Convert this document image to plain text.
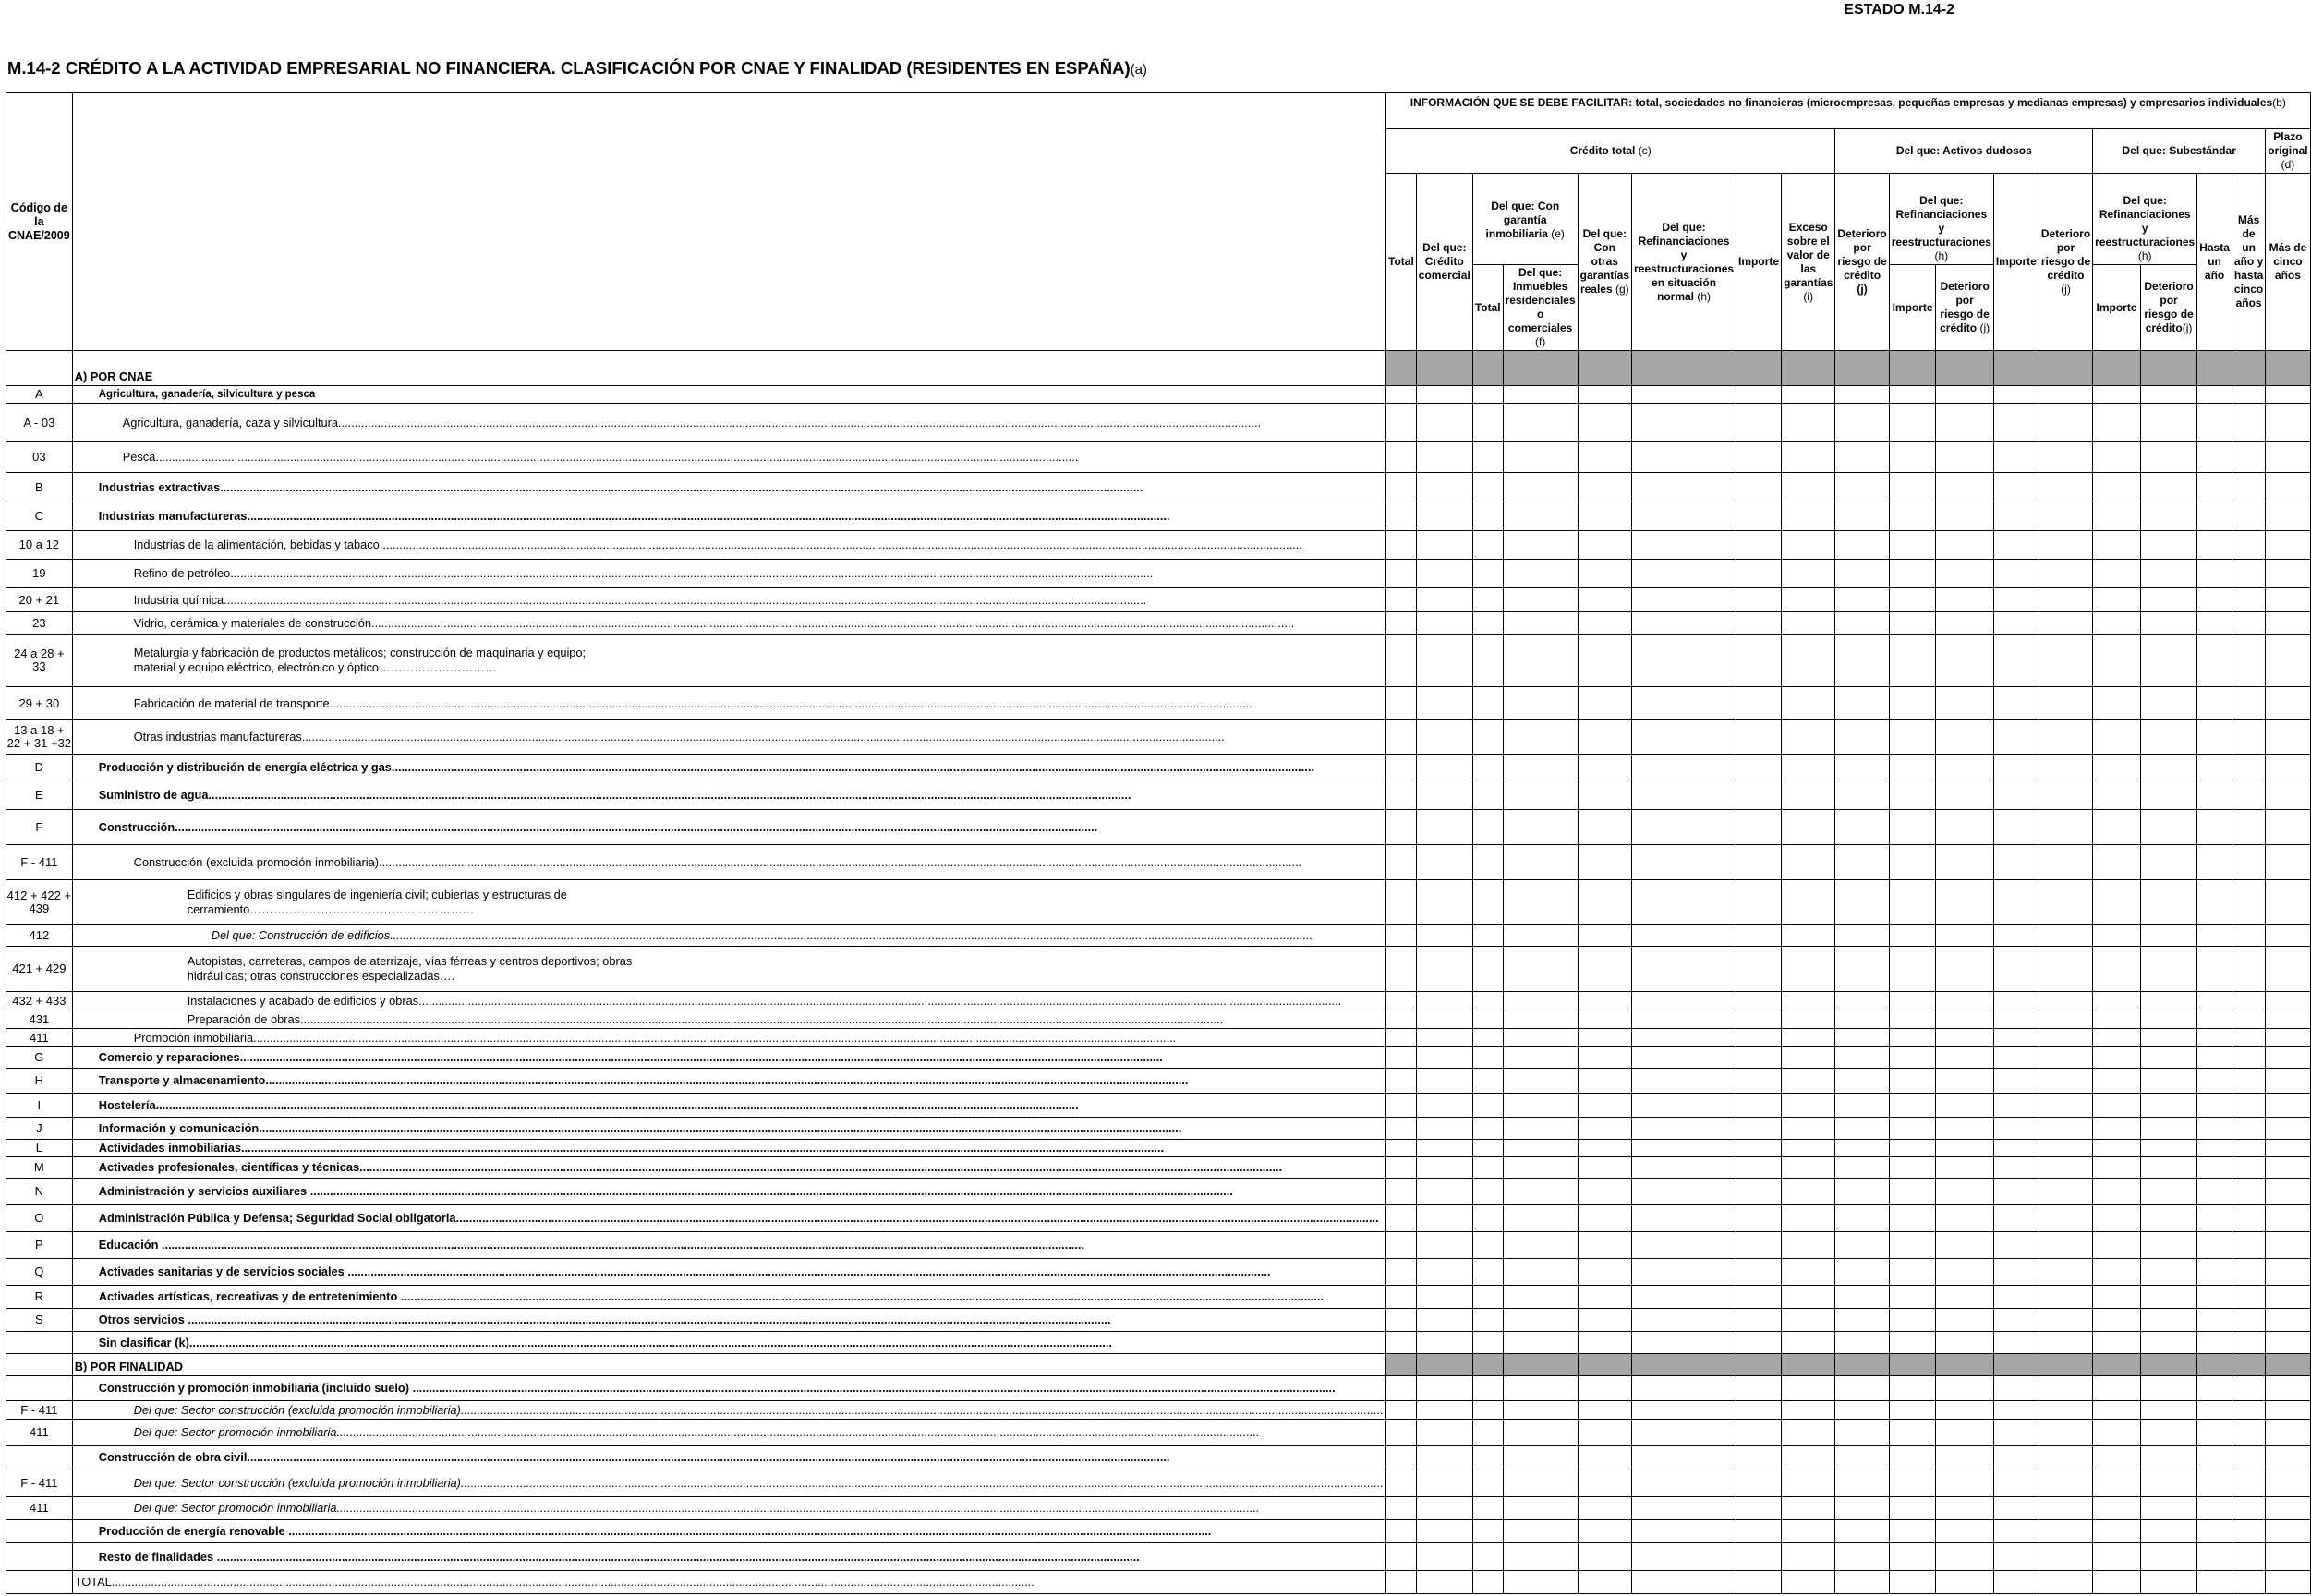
ESTADO M.14-2
M.14-2 CRÉDITO A LA ACTIVIDAD EMPRESARIAL NO FINANCIERA. CLASIFICACIÓN POR CNAE Y FINALIDAD (RESIDENTES EN ESPAÑA)(a)
Código de la CNAE/2009		INFORMACIÓN QUE SE DEBE FACILITAR: total, sociedades no financieras (microempresas, pequeñas empresas y medianas empresas) y empresarios individuales(b)																	
		Crédito total (c)								Del que: Activos dudosos					Del que: Subestándar				Plazo original (d)
		Total	Del que: Crédito comercial	Del que: Con garantía inmobiliaria (e)		Del que: Con otras garantías reales (g)	Del que: Refinanciaciones y reestructuraciones en situación normal (h)	Importe	Exceso sobre el valor de las garantías (i)	Deterioro por riesgo de crédito (j)	Del que: Refinanciaciones y reestructuraciones (h)		Importe	Deterioro por riesgo de crédito (j)	Del que: Refinanciaciones y reestructuraciones (h)		Hasta un año	Más de un año y hasta cinco años	Más de cinco años
				Total	Del que: Inmuebles residenciales o comerciales (f)						Importe	Deterioro por riesgo de crédito (j)			Importe	Deterioro por riesgo de crédito(j)			

	A) POR CNAE																		

A	Agricultura, ganadería, silvicultura y pesca																		

A - 03	Agricultura, ganadería, caza y silvicultura .....

03	Pesca .....

B	Industrias extractivas .....

C	Industrias manufactureras .....

10 a 12	Industrias de la alimentación, bebidas y tabaco .....

19	Refino de petróleo .....

20 + 21	Industria química .....

23	Vidrio, cerámica y materiales de construcción .....

24 a 28 + 33	Metalurgia y fabricación de productos metálicos; construcción de maquinaria y equipo; material y equipo eléctrico, electrónico y óptico…………………………																		

29 + 30	Fabricación de material de transporte .....

13 a 18 + 22 + 31 +32	Otras industrias manufactureras .....

D	Producción y distribución de energía eléctrica y gas .....

E	Suministro de agua .....

F	Construcción .....

F - 411	Construcción (excluida promoción inmobiliaria) .....

412 + 422 + 439	Edificios y obras singulares de ingeniería civil; cubiertas y estructuras de cerramiento…………………………………………………																		

412	Del que: Construcción de edificios .....

421 + 429	Autopistas, carreteras, campos de aterrizaje, vías férreas y centros deportivos; obras hidráulicas; otras construcciones especializadas….																		

432 + 433	Instalaciones y acabado de edificios y obras .....

431	Preparación de obras .....

411	Promoción inmobiliaria .....

G	Comercio y reparaciones .....

H	Transporte y almacenamiento .....

I	Hostelería .....

J	Información y comunicación .....

L	Actividades inmobiliarias .....

M	Activades profesionales, científicas y técnicas .....

N	Administración y servicios auxiliares .....

O	Administración Pública y Defensa; Seguridad Social obligatoria .....

P	Educación .....

Q	Activades sanitarias y de servicios sociales .....

R	Activades artísticas, recreativas y de entretenimiento .....

S	Otros servicios .....

	Sin clasificar (k) .....

	B) POR FINALIDAD																		

	Construcción y promoción inmobiliaria (incluido suelo) .....

F - 411	Del que: Sector construcción (excluida promoción inmobiliaria) .....

411	Del que: Sector promoción inmobiliaria .....

	Construcción de obra civil .....

F - 411	Del que: Sector construcción (excluida promoción inmobiliaria) .....

411	Del que: Sector promoción inmobiliaria .....

	Producción de energía renovable .....

	Resto de finalidades .....

	TOTAL .....
